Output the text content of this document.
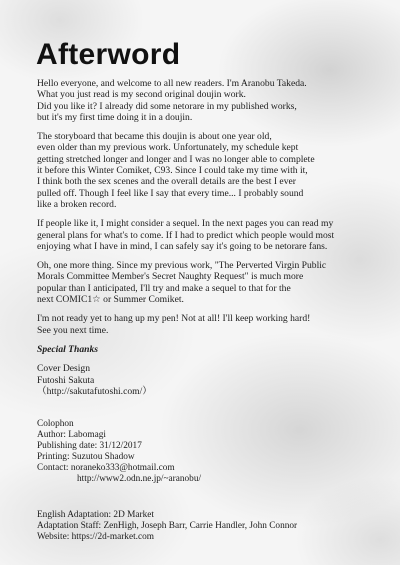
Afterword

Hello everyone, and welcome to all new readers. I'm Aranobu Takeda.
What you just read is my second original doujin work.
Did you like it? I already did some netorare in my published works,
but it's my first time doing it in a doujin.

The storyboard that became this doujin is about one year old,
even older than my previous work. Unfortunately, my schedule kept
getting stretched longer and longer and I was no longer able to complete
it before this Winter Comiket, C93. Since I could take my time with it,
I think both the sex scenes and the overall details are the best I ever
pulled off. Though I feel like I say that every time... I probably sound
like a broken record.

If people like it, I might consider a sequel. In the next pages you can read my
general plans for what's to come. If I had to predict which people would most
enjoying what I have in mind, I can safely say it's going to be netorare fans.

Oh, one more thing. Since my previous work, "The Perverted Virgin Public
Morals Committee Member's Secret Naughty Request" is much more
popular than I anticipated, I'll try and make a sequel to that for the
next COMIC1☆ or Summer Comiket.

I'm not ready yet to hang up my pen! Not at all! I'll keep working hard!
See you next time.

Special Thanks

Cover Design
Futoshi Sakuta
（http://sakutafutoshi.com/）

Colophon
Author: Labomagi
Publishing date: 31/12/2017
Printing: Suzutou Shadow
Contact: noraneko333@hotmail.com
http://www2.odn.ne.jp/~aranobu/
English Adaptation: 2D Market
Adaptation Staff: ZenHigh, Joseph Barr, Carrie Handler, John Connor
Website: https://2d-market.com
